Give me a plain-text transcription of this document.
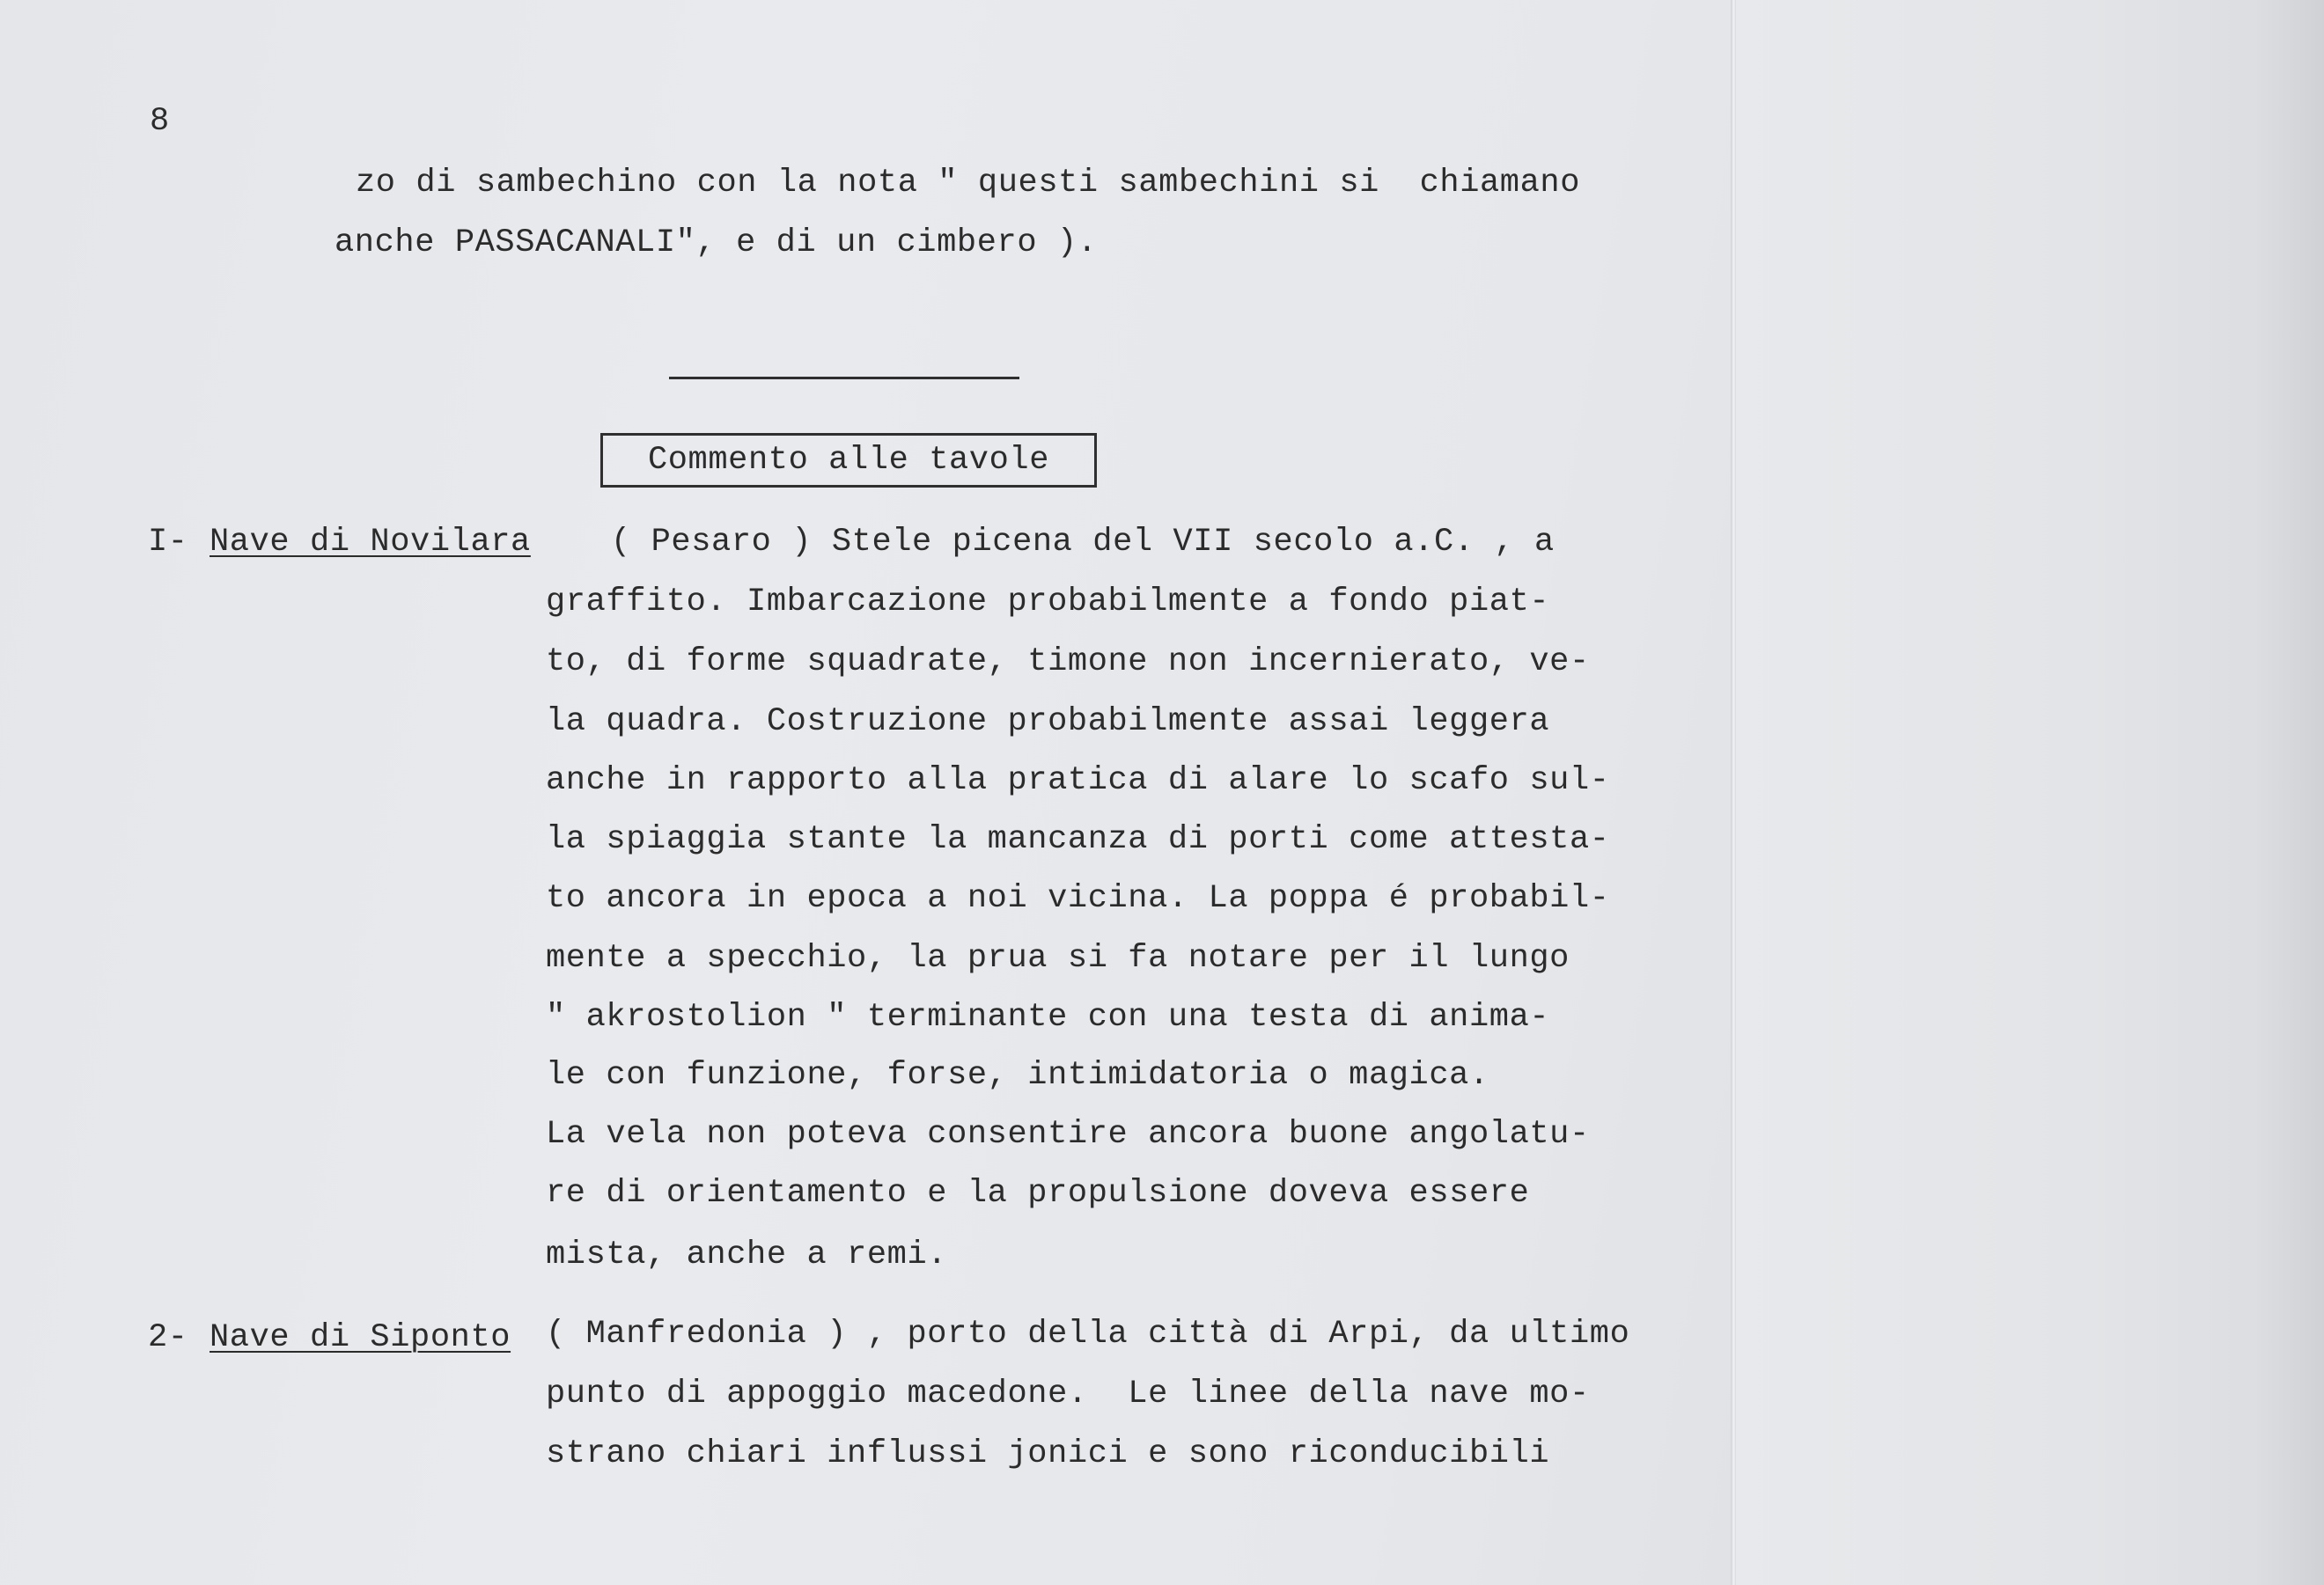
8
zo di sambechino con la nota " questi sambechini si  chiamano
anche PASSACANALI", e di un cimbero ).
Commento alle tavole
I- Nave di Novilara ( Pesaro ) Stele picena del VII secolo a.C. , a
graffito. Imbarcazione probabilmente a fondo piat-
to, di forme squadrate, timone non incernierato, ve-
la quadra. Costruzione probabilmente assai leggera
anche in rapporto alla pratica di alare lo scafo sul-
la spiaggia stante la mancanza di porti come attesta-
to ancora in epoca a noi vicina. La poppa é probabil-
mente a specchio, la prua si fa notare per il lungo
" akrostolion " terminante con una testa di anima-
le con funzione, forse, intimidatoria o magica.
La vela non poteva consentire ancora buone angolatu-
re di orientamento e la propulsione doveva essere
mista, anche a remi.
2- Nave di Siponto ( Manfredonia ) , porto della città di Arpi, da ultimo
punto di appoggio macedone.  Le linee della nave mo-
strano chiari influssi jonici e sono riconducibili
